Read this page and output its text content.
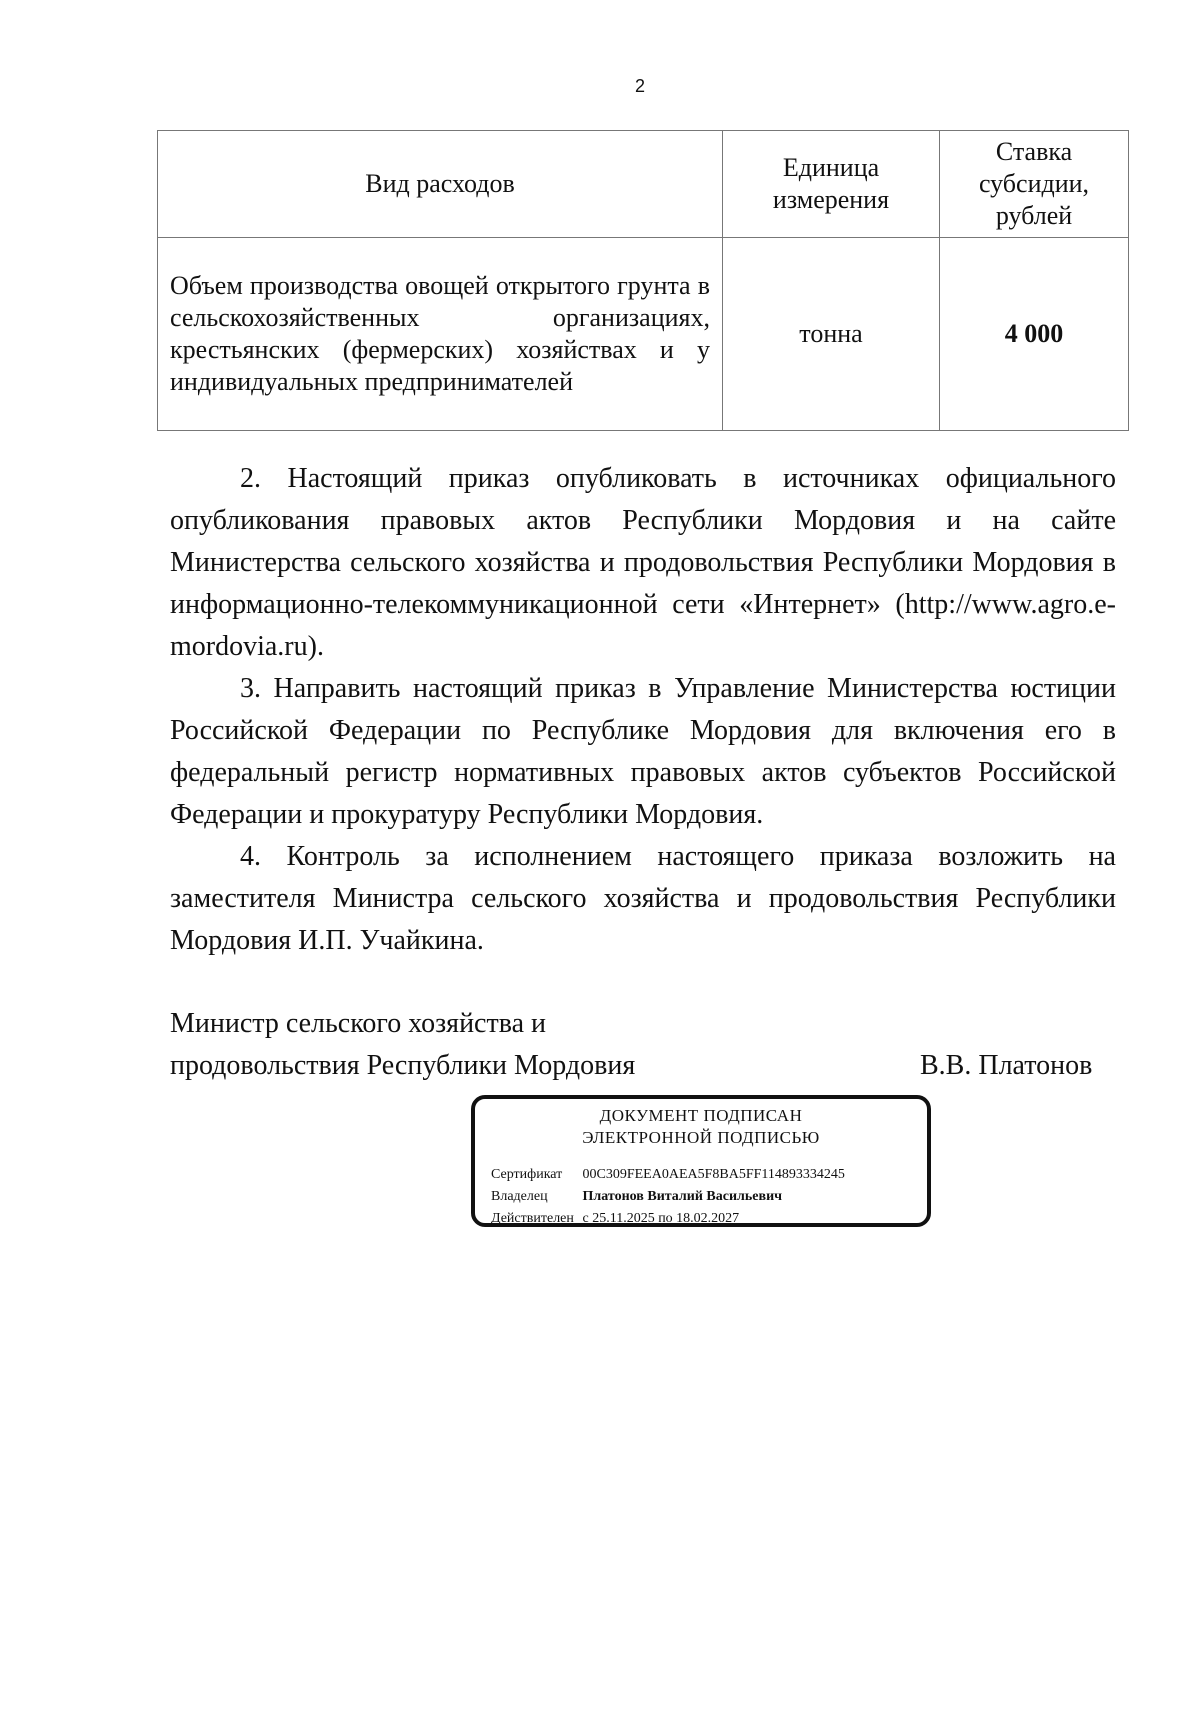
2
Вид расходов	Единица измерения	Ставка субсидии, рублей
Объем производства овощей открытого грунта в сельскохозяйственных организациях, крестьянских (фермерских) хозяйствах и у индивидуальных предпринимателей	тонна	4 000

2. Настоящий приказ опубликовать в источниках официального опубликования правовых актов Республики Мордовия и на сайте Министерства сельского хозяйства и продовольствия Республики Мордовия в информационно-телекоммуникационной сети «Интернет» (http://www.agro.e-mordovia.ru).

3. Направить настоящий приказ в Управление Министерства юстиции Российской Федерации по Республике Мордовия для включения его в федеральный регистр нормативных правовых актов субъектов Российской Федерации и прокуратуру Республики Мордовия.

4. Контроль за исполнением настоящего приказа возложить на заместителя Министра сельского хозяйства и продовольствия Республики Мордовия И.П. Учайкина.

Министр сельского хозяйства и
продовольствия Республики Мордовия	В.В. Платонов
ДОКУМЕНТ ПОДПИСАН
ЭЛЕКТРОННОЙ ПОДПИСЬЮ
Сертификат 00C309FEEA0AEA5F8BA5FF114893334245
Владелец Платонов Виталий Васильевич
Действителен с 25.11.2025 по 18.02.2027
